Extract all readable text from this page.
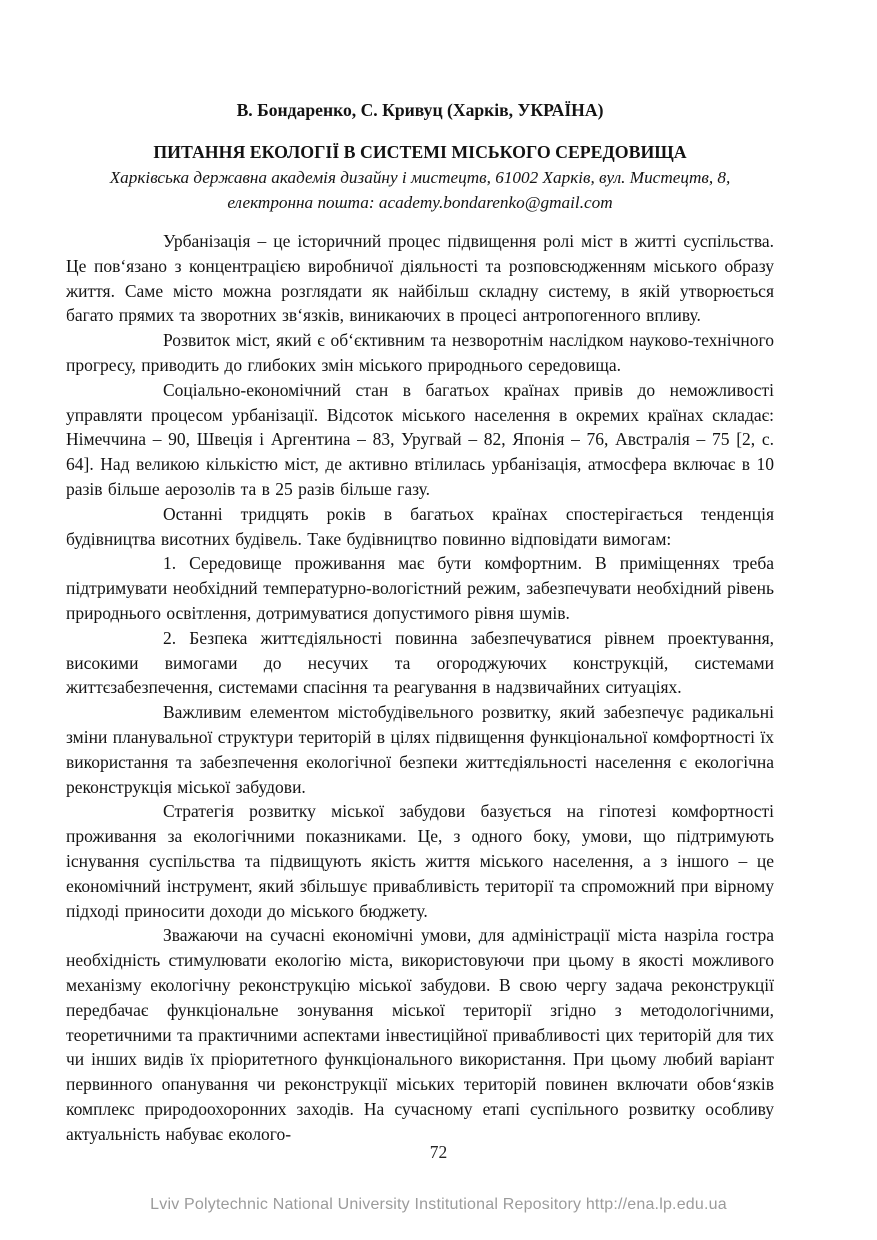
В. Бондаренко, С. Кривуц (Харків, УКРАЇНА)

ПИТАННЯ ЕКОЛОГІЇ В СИСТЕМІ МІСЬКОГО СЕРЕДОВИЩА

Харківська державна академія дизайну і мистецтв, 61002 Харків, вул. Мистецтв, 8,

електронна пошта: academy.bondarenko@gmail.com

Урбанізація – це історичний процес підвищення ролі міст в житті суспільства. Це пов‘язано з концентрацією виробничої діяльності та розповсюдженням міського образу життя. Саме місто можна розглядати як найбільш складну систему, в якій утворюється багато прямих та зворотних зв‘язків, виникаючих в процесі антропогенного впливу.

Розвиток міст, який є об‘єктивним та незворотнім наслідком науково-технічного прогресу, приводить до глибоких змін міського природнього середовища.

Соціально-економічний стан в багатьох країнах привів до неможливості управляти процесом урбанізації. Відсоток міського населення в окремих країнах складає: Німеччина – 90, Швеція і Аргентина – 83, Уругвай – 82, Японія – 76, Австралія – 75 [2, с. 64]. Над великою кількістю міст, де активно втілилась урбанізація, атмосфера включає в 10 разів більше аерозолів та в 25 разів більше газу.

Останні тридцять років в багатьох країнах спостерігається тенденція будівництва висотних будівель. Таке будівництво повинно відповідати вимогам:

1. Середовище проживання має бути комфортним. В приміщеннях треба підтримувати необхідний температурно-вологістний режим, забезпечувати необхідний рівень природнього освітлення, дотримуватися допустимого рівня шумів.

2. Безпека життєдіяльності повинна забезпечуватися рівнем проектування, високими вимогами до несучих та огороджуючих конструкцій, системами життєзабезпечення, системами спасіння та реагування в надзвичайних ситуаціях.

Важливим елементом містобудівельного розвитку, який забезпечує радикальні зміни планувальної структури територій в цілях підвищення функціональної комфортності їх використання та забезпечення екологічної безпеки життєдіяльності населення є екологічна реконструкція міської забудови.

Стратегія розвитку міської забудови базується на гіпотезі комфортності проживання за екологічними показниками. Це, з одного боку, умови, що підтримують існування суспільства та підвищують якість життя міського населення, а з іншого – це економічний інструмент, який збільшує привабливість території та спроможний при вірному підході приносити доходи до міського бюджету.

Зважаючи на сучасні економічні умови, для адміністрації міста назріла гостра необхідність стимулювати екологію міста, використовуючи при цьому в якості можливого механізму екологічну реконструкцію міської забудови. В свою чергу задача реконструкції передбачає функціональне зонування міської території згідно з методологічними, теоретичними та практичними аспектами інвестиційної привабливості цих територій для тих чи інших видів їх пріоритетного функціонального використання. При цьому любий варіант первинного опанування чи реконструкції міських територій повинен включати обов‘язків комплекс природоохоронних заходів. На сучасному етапі суспільного розвитку особливу актуальність набуває еколого-

72
Lviv Polytechnic National University Institutional Repository http://ena.lp.edu.ua
